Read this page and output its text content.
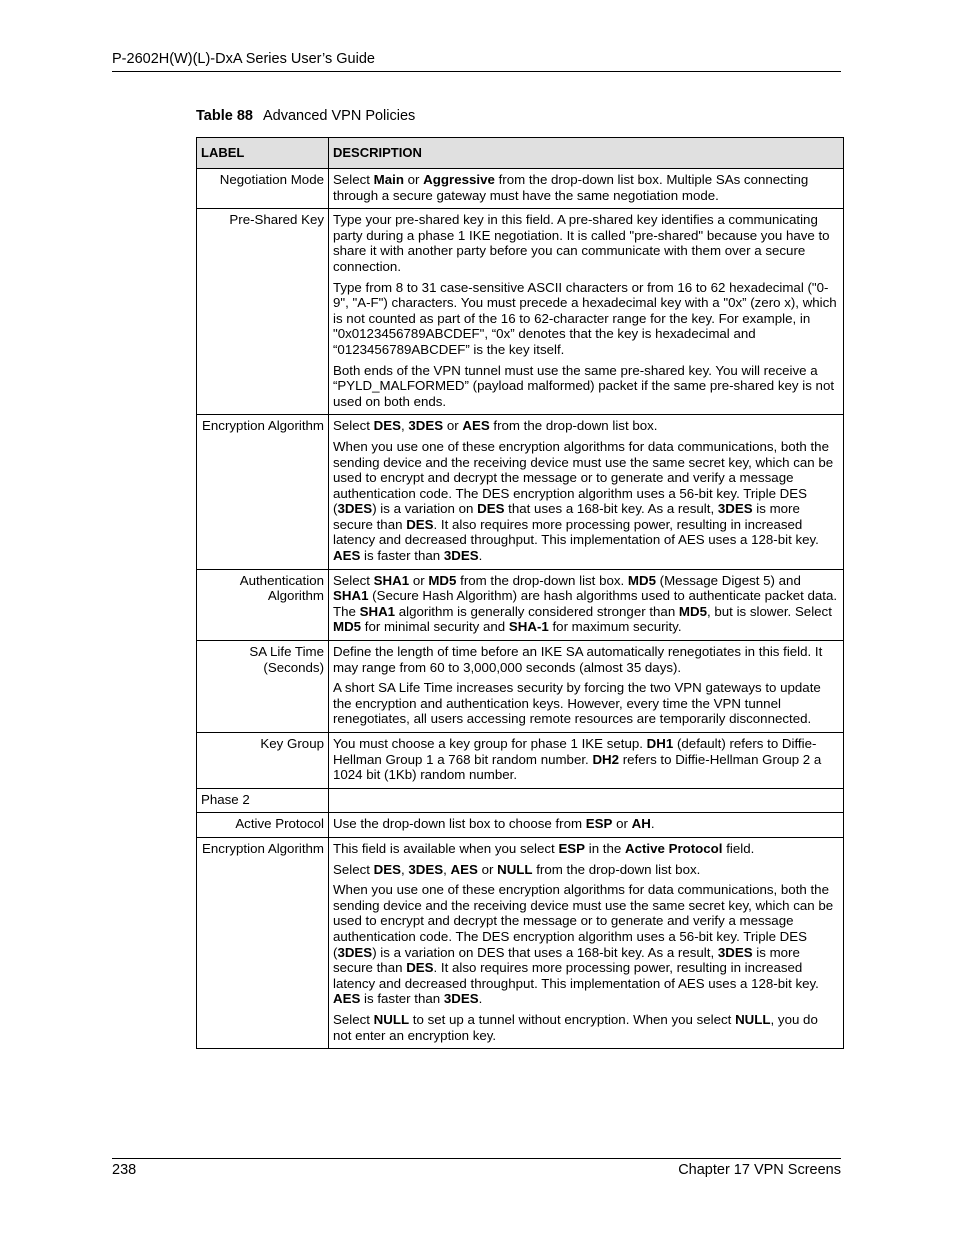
P-2602H(W)(L)-DxA Series User’s Guide
Table 88 Advanced VPN Policies
LABEL	DESCRIPTION
Negotiation Mode	Select Main or Aggressive from the drop-down list box. Multiple SAs connecting through a secure gateway must have the same negotiation mode.

Pre-Shared Key	Type your pre-shared key in this field. A pre-shared key identifies a communicating party during a phase 1 IKE negotiation. It is called "pre-shared" because you have to share it with another party before you can communicate with them over a secure connection.

Type from 8 to 31 case-sensitive ASCII characters or from 16 to 62 hexadecimal ("0-9", "A-F") characters. You must precede a hexadecimal key with a "0x” (zero x), which is not counted as part of the 16 to 62-character range for the key. For example, in "0x0123456789ABCDEF", “0x” denotes that the key is hexadecimal and “0123456789ABCDEF” is the key itself.

Both ends of the VPN tunnel must use the same pre-shared key. You will receive a “PYLD_MALFORMED” (payload malformed) packet if the same pre-shared key is not used on both ends.

Encryption Algorithm	Select DES, 3DES or AES from the drop-down list box.

When you use one of these encryption algorithms for data communications, both the sending device and the receiving device must use the same secret key, which can be used to encrypt and decrypt the message or to generate and verify a message authentication code. The DES encryption algorithm uses a 56-bit key. Triple DES (3DES) is a variation on DES that uses a 168-bit key. As a result, 3DES is more secure than DES. It also requires more processing power, resulting in increased latency and decreased throughput. This implementation of AES uses a 128-bit key. AES is faster than 3DES.

Authentication Algorithm	Select SHA1 or MD5 from the drop-down list box. MD5 (Message Digest 5) and SHA1 (Secure Hash Algorithm) are hash algorithms used to authenticate packet data. The SHA1 algorithm is generally considered stronger than MD5, but is slower. Select MD5 for minimal security and SHA-1 for maximum security.

SA Life Time (Seconds)	Define the length of time before an IKE SA automatically renegotiates in this field. It may range from 60 to 3,000,000 seconds (almost 35 days).

A short SA Life Time increases security by forcing the two VPN gateways to update the encryption and authentication keys. However, every time the VPN tunnel renegotiates, all users accessing remote resources are temporarily disconnected.

Key Group	You must choose a key group for phase 1 IKE setup. DH1 (default) refers to Diffie-Hellman Group 1 a 768 bit random number. DH2 refers to Diffie-Hellman Group 2 a 1024 bit (1Kb) random number.

Phase 2	
Active Protocol	Use the drop-down list box to choose from ESP or AH.

Encryption Algorithm	This field is available when you select ESP in the Active Protocol field.

Select DES, 3DES, AES or NULL from the drop-down list box.

When you use one of these encryption algorithms for data communications, both the sending device and the receiving device must use the same secret key, which can be used to encrypt and decrypt the message or to generate and verify a message authentication code. The DES encryption algorithm uses a 56-bit key. Triple DES (3DES) is a variation on DES that uses a 168-bit key. As a result, 3DES is more secure than DES. It also requires more processing power, resulting in increased latency and decreased throughput. This implementation of AES uses a 128-bit key. AES is faster than 3DES.

Select NULL to set up a tunnel without encryption. When you select NULL, you do not enter an encryption key.

238	Chapter 17 VPN Screens
